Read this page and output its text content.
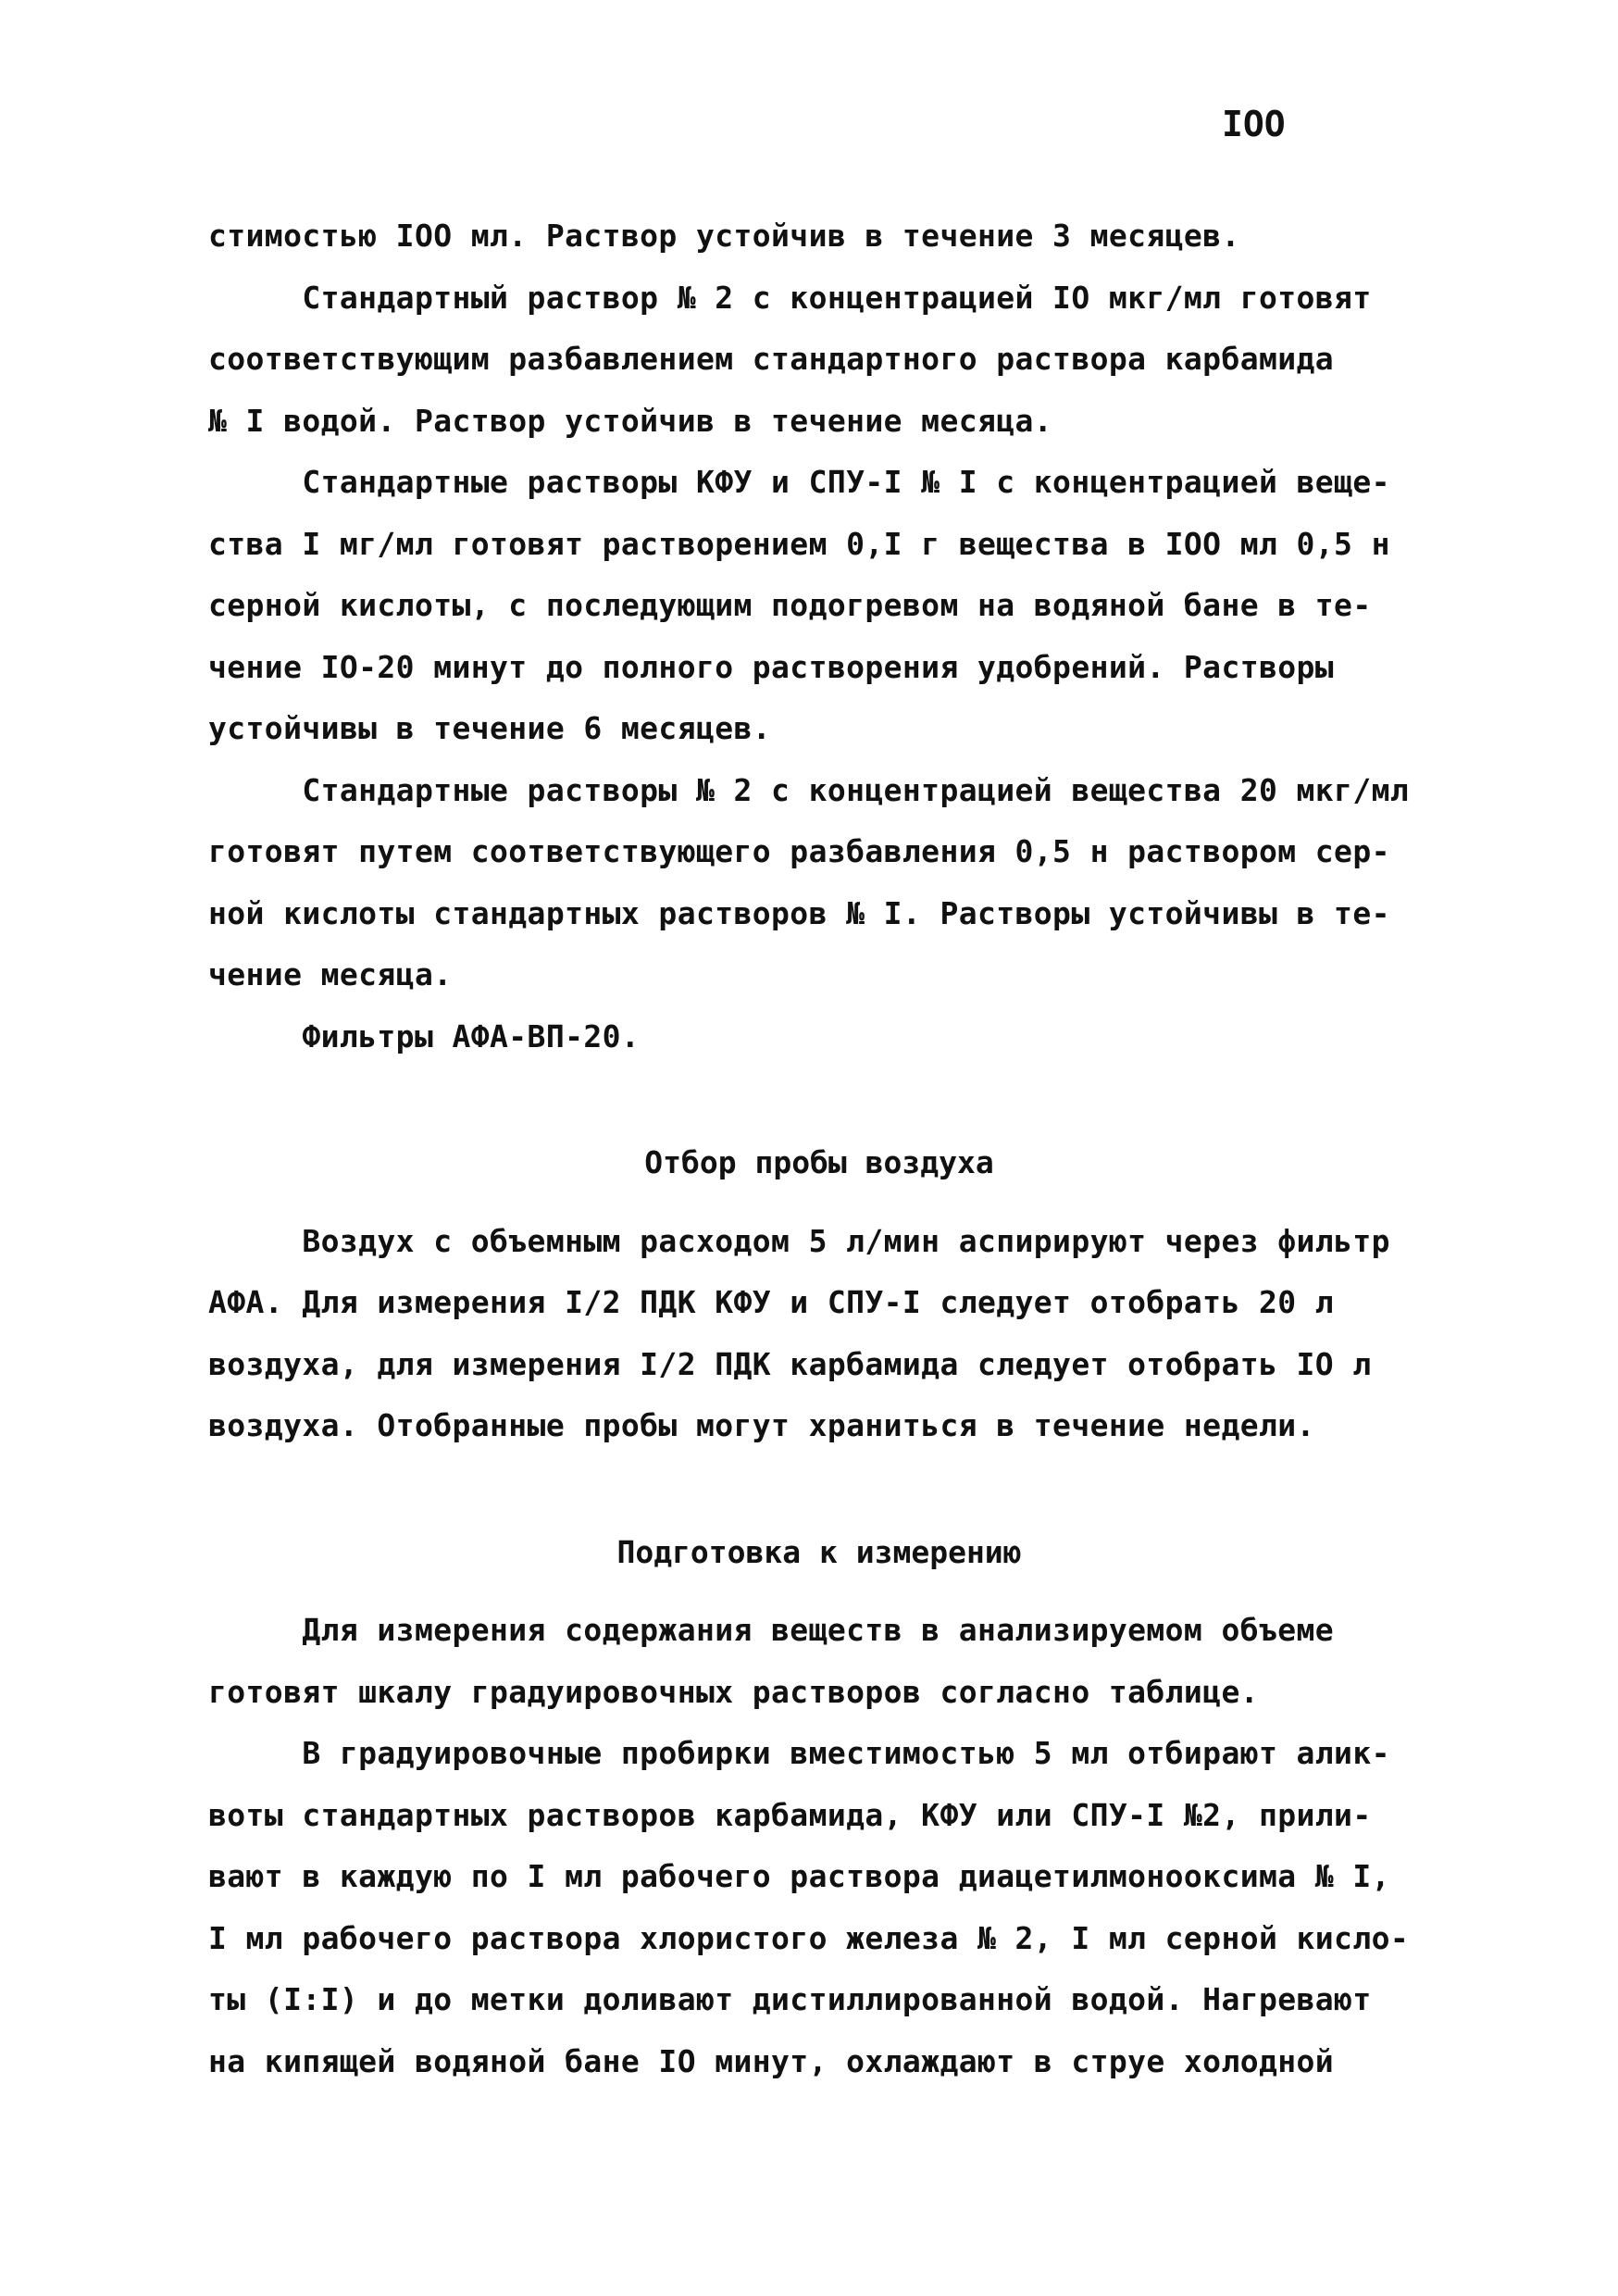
IOO
стимостью IOO мл. Раствор устойчив в течение 3 месяцев.
Стандартный раствор № 2 с концентрацией IO мкг/мл готовят
соответствующим разбавлением стандартного раствора карбамида
№ I водой. Раствор устойчив в течение месяца.
Стандартные растворы КФУ и СПУ-I № I с концентрацией веще-
ства I мг/мл готовят растворением 0,I г вещества в IOO мл 0,5 н
серной кислоты, с последующим подогревом на водяной бане в те-
чение IO-20 минут до полного растворения удобрений. Растворы
устойчивы в течение 6 месяцев.
Стандартные растворы № 2 с концентрацией вещества 20 мкг/мл
готовят путем соответствующего разбавления 0,5 н раствором сер-
ной кислоты стандартных растворов № I. Растворы устойчивы в те-
чение месяца.
Фильтры АФА-ВП-20.
Отбор пробы воздуха
Воздух с объемным расходом 5 л/мин аспирируют через фильтр
АФА. Для измерения I/2 ПДК КФУ и СПУ-I следует отобрать 20 л
воздуха, для измерения I/2 ПДК карбамида следует отобрать IO л
воздуха. Отобранные пробы могут храниться в течение недели.
Подготовка к измерению
Для измерения содержания веществ в анализируемом объеме
готовят шкалу градуировочных растворов согласно таблице.
В градуировочные пробирки вместимостью 5 мл отбирают алик-
воты стандартных растворов карбамида, КФУ или СПУ-I №2, прили-
вают в каждую по I мл рабочего раствора диацетилмонооксима № I,
I мл рабочего раствора хлористого железа № 2, I мл серной кисло-
ты (I:I) и до метки доливают дистиллированной водой. Нагревают
на кипящей водяной бане IO минут, охлаждают в струе холодной
